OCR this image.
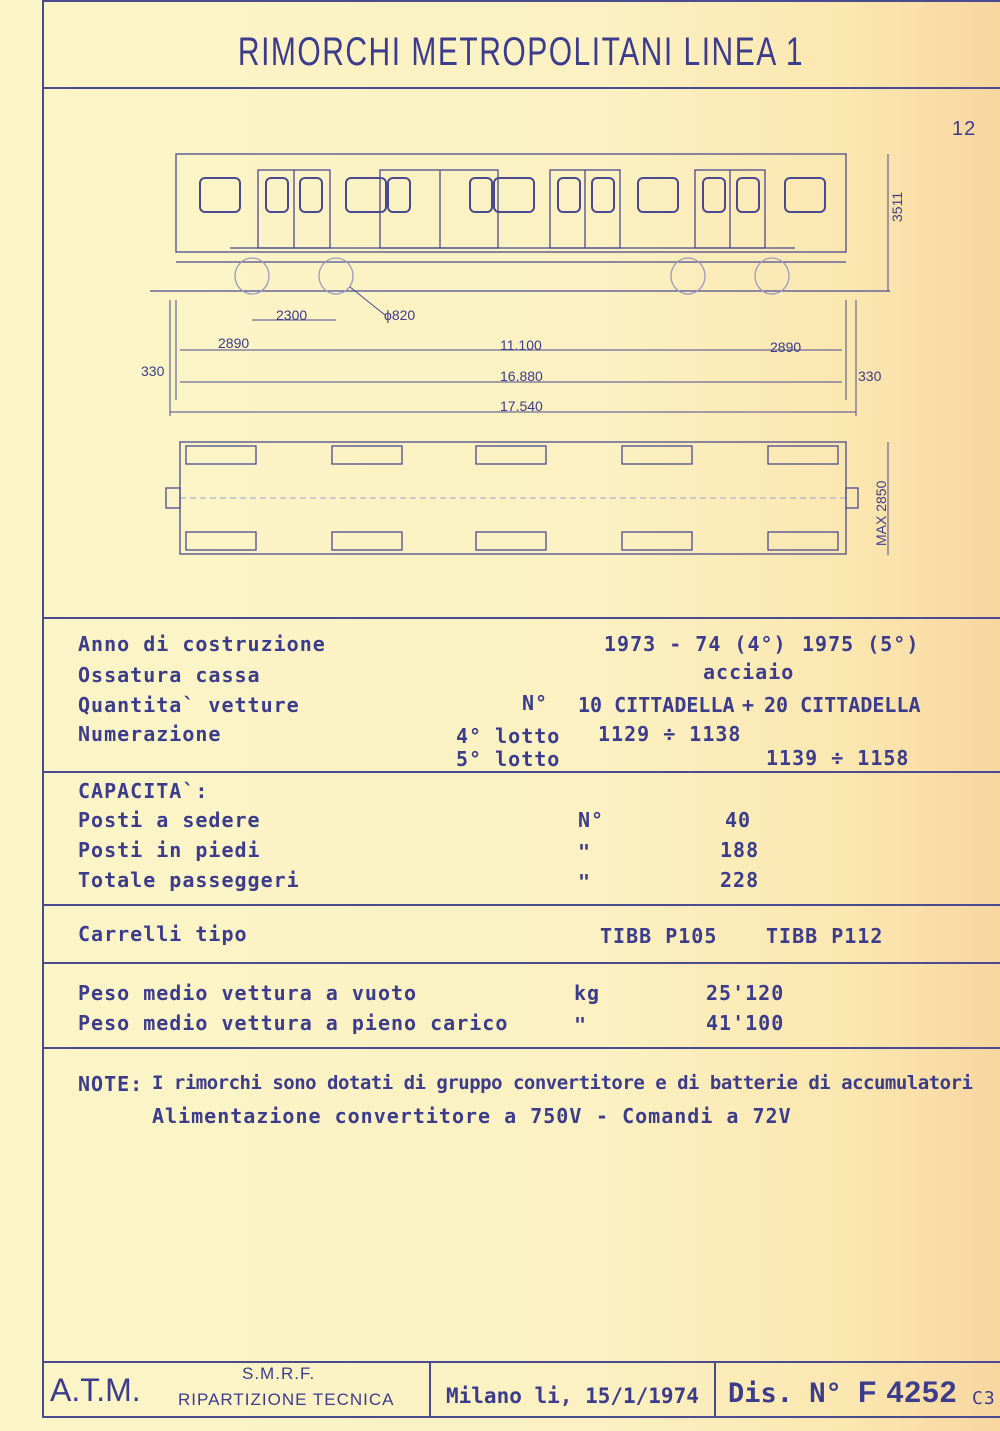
RIMORCHI METROPOLITANI LINEA 1
12
3511
2300	ϕ820
2890	11.100	2890
330	16.880	330
17.540
MAX 2850
Anno di costruzione	1973 - 74 (4°) 1975 (5°)
Ossatura cassa	acciaio
Quantita` vetture	N° 10 CITTADELLA + 20 CITTADELLA
Numerazione	4° lotto 1129 ÷ 1138
5° lotto	1139 ÷ 1158
CAPACITA`:
Posti a sedere	N°	40
Posti in piedi	"	188
Totale passeggeri	"	228
Carrelli tipo	TIBB P105 TIBB P112
Peso medio vettura a vuoto	kg	25'120
Peso medio vettura a pieno carico	"	41'100
NOTE: I rimorchi sono dotati di gruppo convertitore e di batterie di accumulatori
Alimentazione convertitore a 750V - Comandi a 72V
A.T.M.	S.M.R.F.
RIPARTIZIONE TECNICA Milano li, 15/1/1974 Dis. N° F 4252 C3
